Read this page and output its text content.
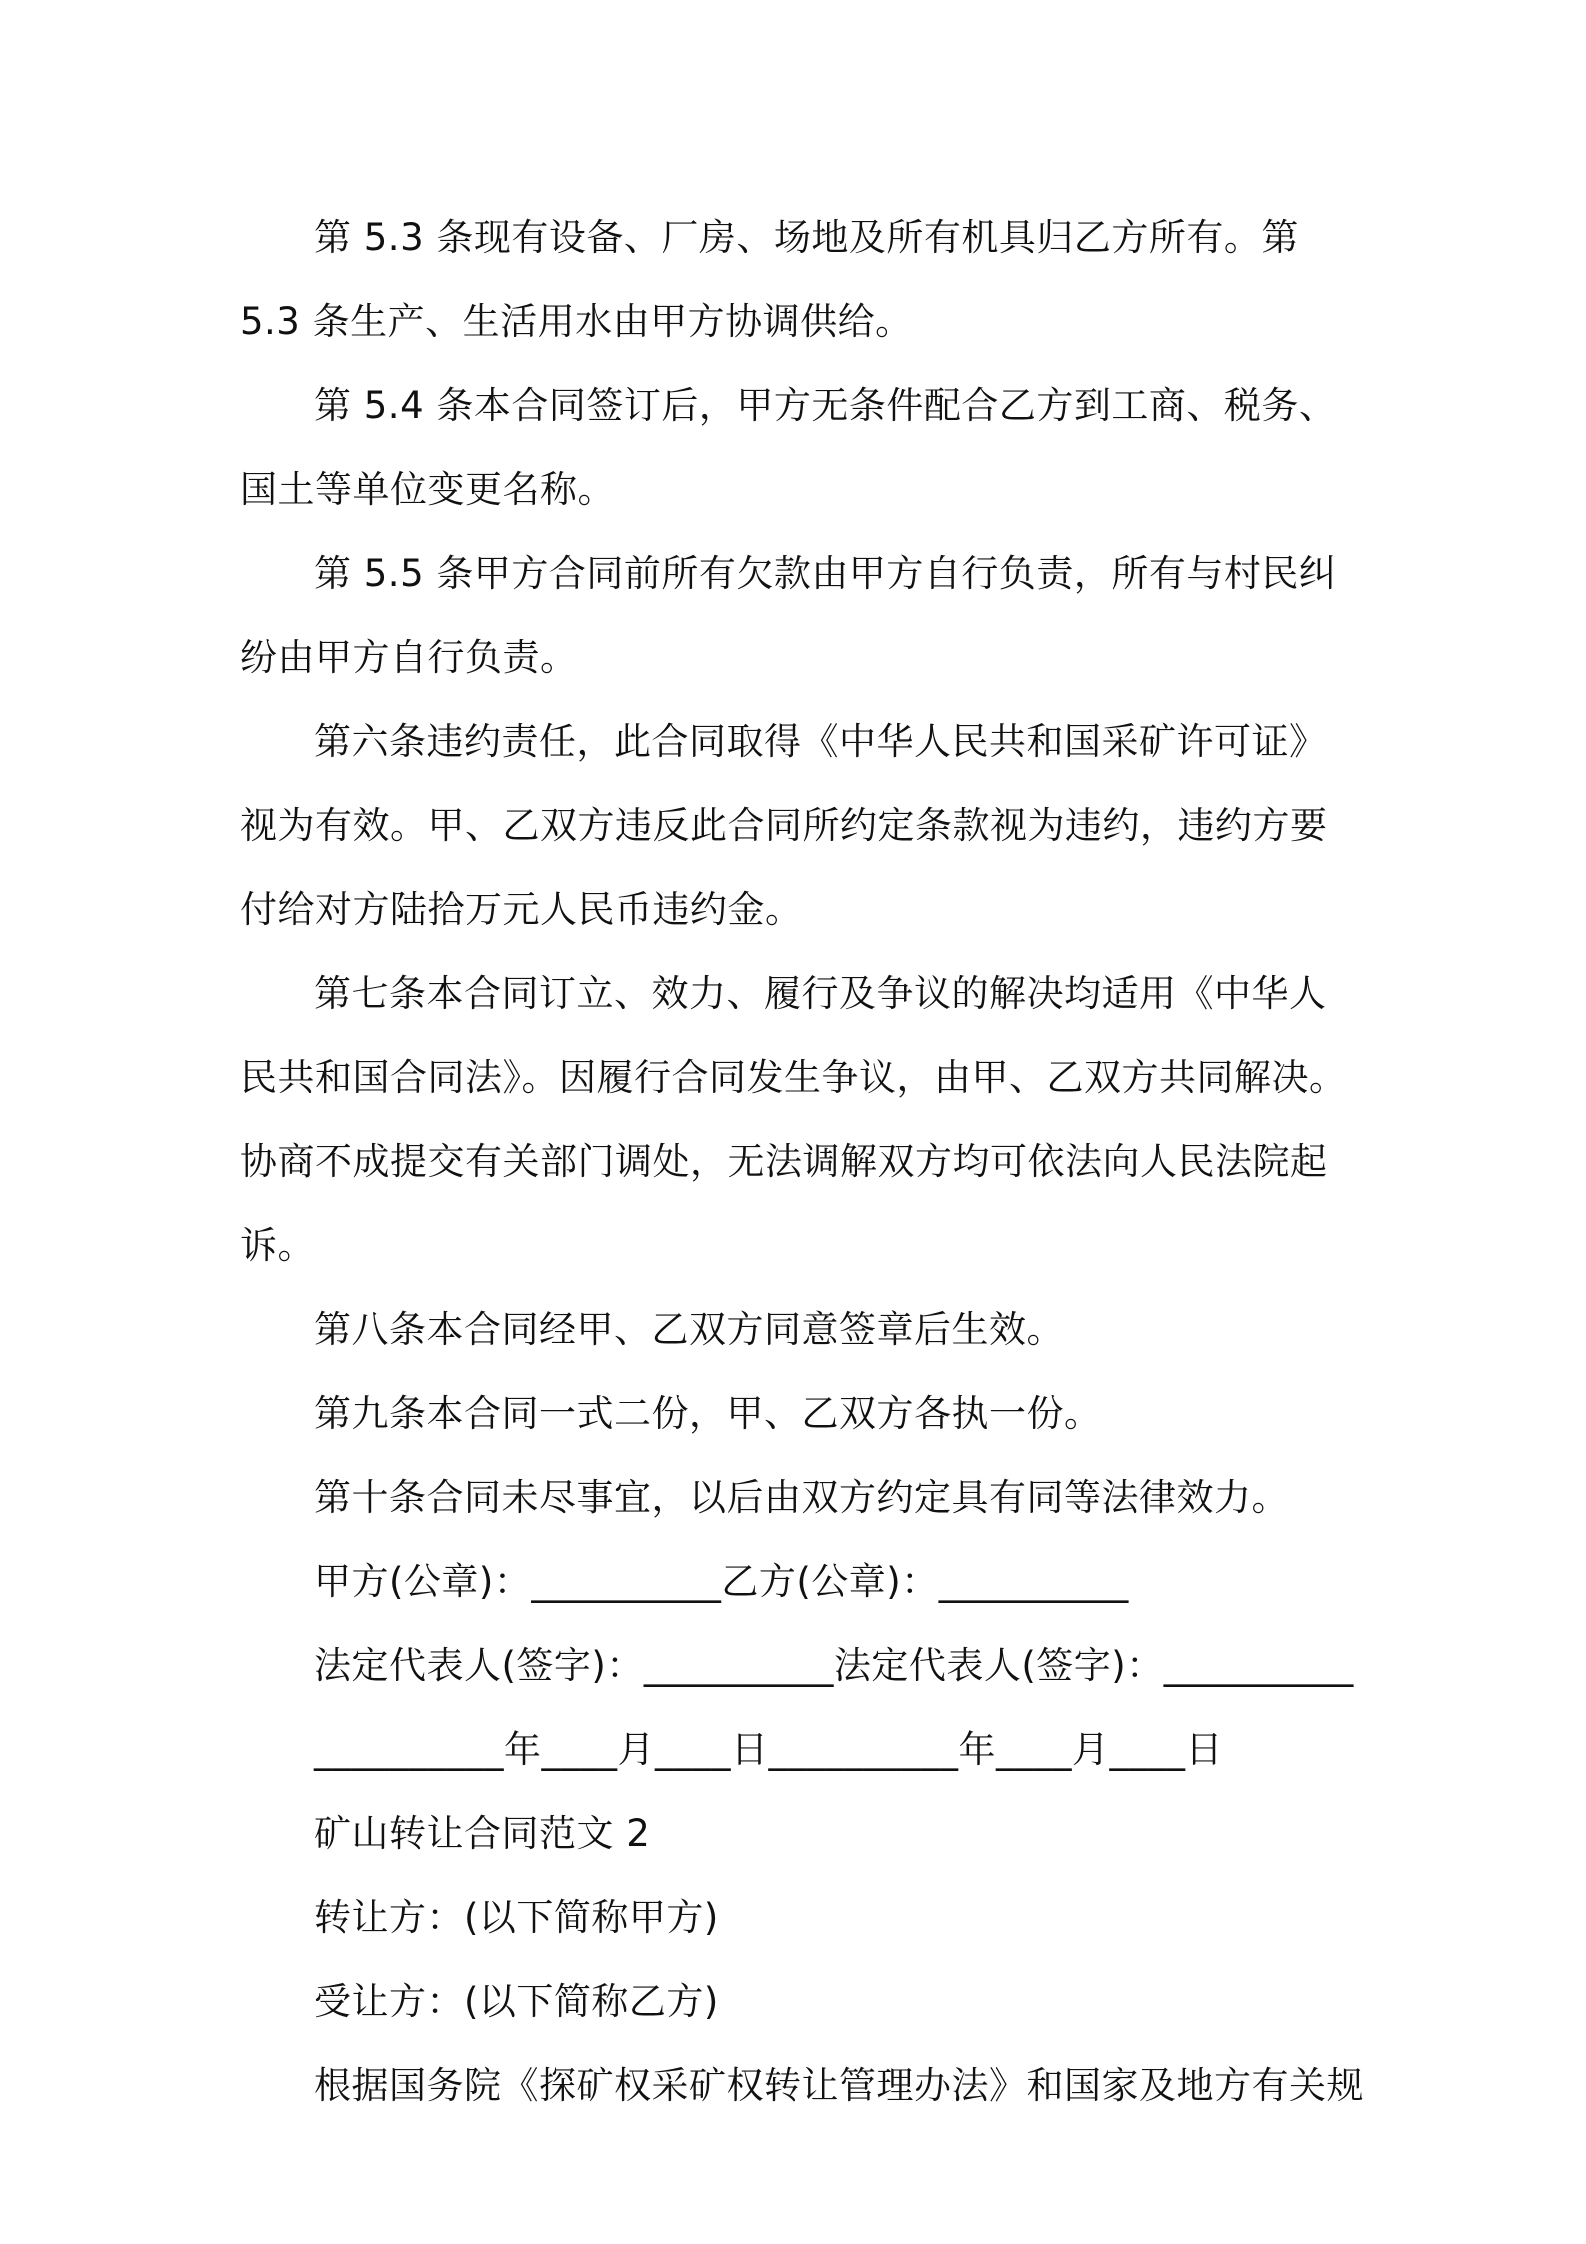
第 5.3 条现有设备、厂房、场地及所有机具归乙方所有。第 5.3 条生产、生活用水由甲方协调供给。

第 5.4 条本合同签订后，甲方无条件配合乙方到工商、税务、国土等单位变更名称。

第 5.5 条甲方合同前所有欠款由甲方自行负责，所有与村民纠纷由甲方自行负责。

第六条违约责任，此合同取得《中华人民共和国采矿许可证》视为有效。甲、乙双方违反此合同所约定条款视为违约，违约方要付给对方陆拾万元人民币违约金。

第七条本合同订立、效力、履行及争议的解决均适用《中华人民共和国合同法》。因履行合同发生争议，由甲、乙双方共同解决。协商不成提交有关部门调处，无法调解双方均可依法向人民法院起诉。

第八条本合同经甲、乙双方同意签章后生效。

第九条本合同一式二份，甲、乙双方各执一份。

第十条合同未尽事宜，以后由双方约定具有同等法律效力。

甲方(公章)：__________乙方(公章)：__________

法定代表人(签字)：__________法定代表人(签字)：__________

__________年____月____日__________年____月____日

矿山转让合同范文 2

转让方：(以下简称甲方)

受让方：(以下简称乙方)

根据国务院《探矿权采矿权转让管理办法》和国家及地方有关规
